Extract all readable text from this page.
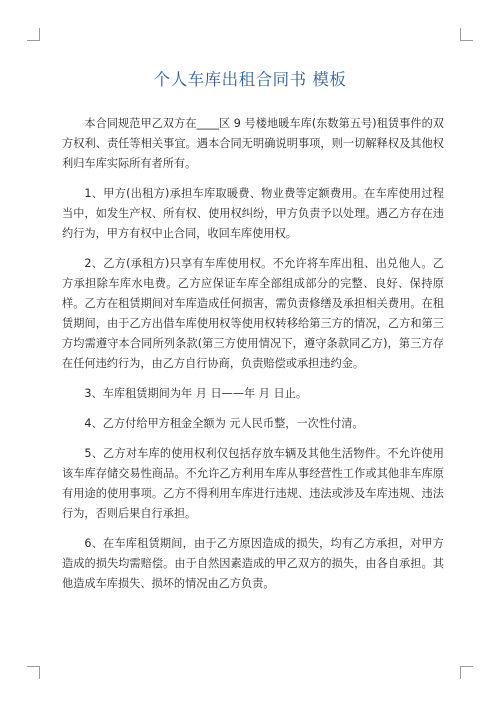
个人车库出租合同书 模板

本合同规范甲乙双方在____区 9 号楼地暖车库(东数第五号)租赁事件的双方权利、责任等相关事宜。遇本合同无明确说明事项，则一切解释权及其他权利归车库实际所有者所有。

1、甲方(出租方)承担车库取暖费、物业费等定额费用。在车库使用过程当中，如发生产权、所有权、使用权纠纷，甲方负责予以处理。遇乙方存在违约行为，甲方有权中止合同，收回车库使用权。

2、乙方(承租方)只享有车库使用权。不允许将车库出租、出兑他人。乙方承担除车库水电费。乙方应保证车库全部组成部分的完整、良好、保持原样。乙方在租赁期间对车库造成任何损害，需负责修缮及承担相关费用。在租赁期间，由于乙方出借车库使用权等使用权转移给第三方的情况，乙方和第三方均需遵守本合同所列条款(第三方使用情况下，遵守条款同乙方)，第三方存在任何违约行为，由乙方自行协商，负责赔偿或承担违约金。

3、车库租赁期间为年 月 日——年 月 日止。

4、乙方付给甲方租金全额为 元人民币整，一次性付清。

5、乙方对车库的使用权利仅包括存放车辆及其他生活物件。不允许使用该车库存储交易性商品。不允许乙方利用车库从事经营性工作或其他非车库原有用途的使用事项。乙方不得利用车库进行违规、违法或涉及车库违规、违法行为，否则后果自行承担。

6、在车库租赁期间，由于乙方原因造成的损失，均有乙方承担，对甲方造成的损失均需赔偿。由于自然因素造成的甲乙双方的损失，由各自承担。其他造成车库损失、损坏的情况由乙方负责。
